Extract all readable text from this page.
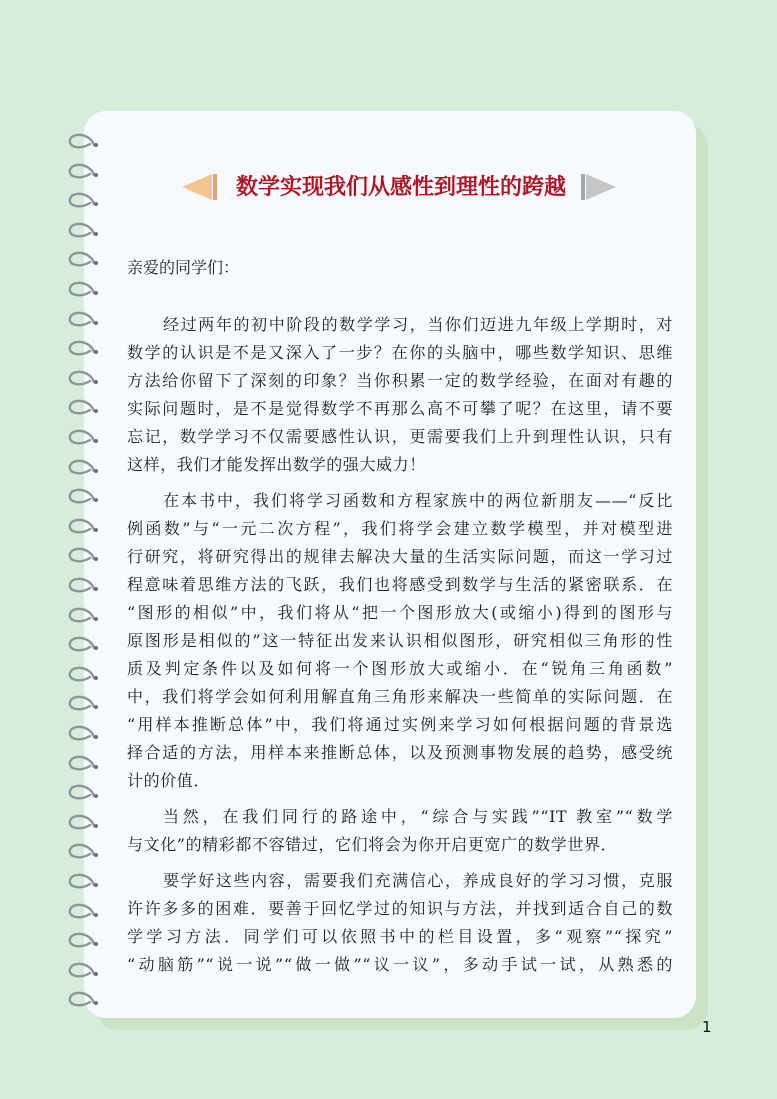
数学实现我们从感性到理性的跨越
亲爱的同学们：
经过两年的初中阶段的数学学习，当你们迈进九年级上学期时，对
数学的认识是不是又深入了一步？在你的头脑中，哪些数学知识、思维
方法给你留下了深刻的印象？当你积累一定的数学经验，在面对有趣的
实际问题时，是不是觉得数学不再那么高不可攀了呢？在这里，请不要
忘记，数学学习不仅需要感性认识，更需要我们上升到理性认识，只有
这样，我们才能发挥出数学的强大威力！
在本书中，我们将学习函数和方程家族中的两位新朋友——“反比
例函数”与“一元二次方程”，我们将学会建立数学模型，并对模型进
行研究，将研究得出的规律去解决大量的生活实际问题，而这一学习过
程意味着思维方法的飞跃，我们也将感受到数学与生活的紧密联系．在
“图形的相似”中，我们将从“把一个图形放大(或缩小)得到的图形与
原图形是相似的”这一特征出发来认识相似图形，研究相似三角形的性
质及判定条件以及如何将一个图形放大或缩小．在“锐角三角函数”
中，我们将学会如何利用解直角三角形来解决一些简单的实际问题．在
“用样本推断总体”中，我们将通过实例来学习如何根据问题的背景选
择合适的方法，用样本来推断总体，以及预测事物发展的趋势，感受统
计的价值．
当然，在我们同行的路途中，“综合与实践”“IT 教室”“数学
与文化”的精彩都不容错过，它们将会为你开启更宽广的数学世界．
要学好这些内容，需要我们充满信心，养成良好的学习习惯，克服
许许多多的困难．要善于回忆学过的知识与方法，并找到适合自己的数
学学习方法．同学们可以依照书中的栏目设置，多“观察”“探究”
“动脑筋”“说一说”“做一做”“议一议”，多动手试一试，从熟悉的
1
